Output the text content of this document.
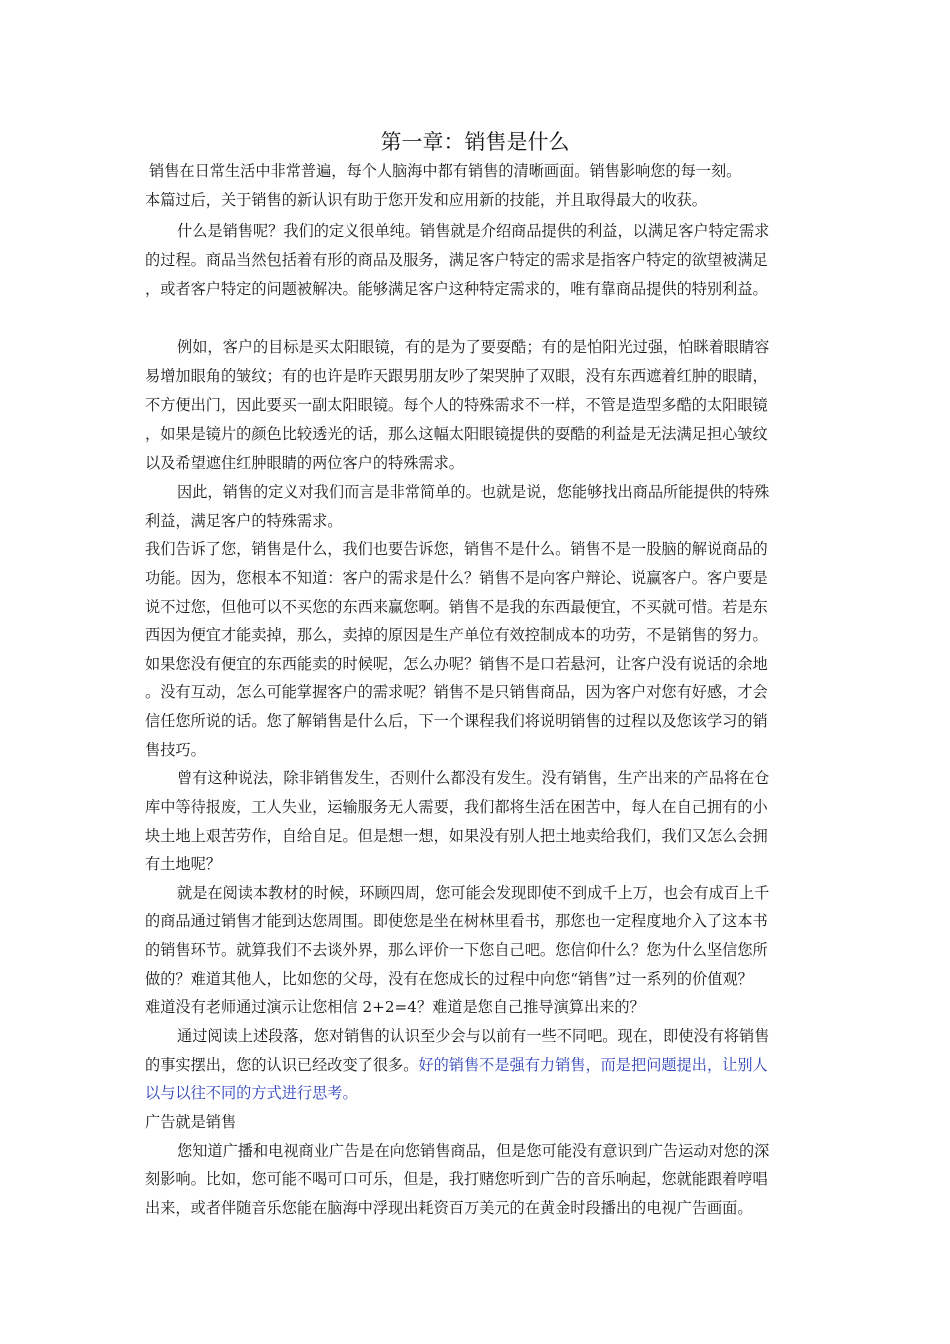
第一章：销售是什么
销售在日常生活中非常普遍，每个人脑海中都有销售的清晰画面。销售影响您的每一刻。
本篇过后，关于销售的新认识有助于您开发和应用新的技能，并且取得最大的收获。
什么是销售呢？我们的定义很单纯。销售就是介绍商品提供的利益，以满足客户特定需求
的过程。商品当然包括着有形的商品及服务，满足客户特定的需求是指客户特定的欲望被满足
，或者客户特定的问题被解决。能够满足客户这种特定需求的，唯有靠商品提供的特别利益。
例如，客户的目标是买太阳眼镜，有的是为了要耍酷；有的是怕阳光过强，怕眯着眼睛容
易增加眼角的皱纹；有的也许是昨天跟男朋友吵了架哭肿了双眼，没有东西遮着红肿的眼睛，
不方便出门，因此要买一副太阳眼镜。每个人的特殊需求不一样，不管是造型多酷的太阳眼镜
，如果是镜片的颜色比较透光的话，那么这幅太阳眼镜提供的耍酷的利益是无法满足担心皱纹
以及希望遮住红肿眼睛的两位客户的特殊需求。
因此，销售的定义对我们而言是非常简单的。也就是说，您能够找出商品所能提供的特殊
利益，满足客户的特殊需求。
我们告诉了您，销售是什么，我们也要告诉您，销售不是什么。销售不是一股脑的解说商品的
功能。因为，您根本不知道：客户的需求是什么？销售不是向客户辩论、说赢客户。客户要是
说不过您，但他可以不买您的东西来赢您啊。销售不是我的东西最便宜，不买就可惜。若是东
西因为便宜才能卖掉，那么，卖掉的原因是生产单位有效控制成本的功劳，不是销售的努力。
如果您没有便宜的东西能卖的时候呢，怎么办呢？销售不是口若悬河，让客户没有说话的余地
。没有互动，怎么可能掌握客户的需求呢？销售不是只销售商品，因为客户对您有好感，才会
信任您所说的话。您了解销售是什么后，下一个课程我们将说明销售的过程以及您该学习的销
售技巧。
曾有这种说法，除非销售发生，否则什么都没有发生。没有销售，生产出来的产品将在仓
库中等待报废，工人失业，运输服务无人需要，我们都将生活在困苦中，每人在自己拥有的小
块土地上艰苦劳作，自给自足。但是想一想，如果没有别人把土地卖给我们，我们又怎么会拥
有土地呢？
就是在阅读本教材的时候，环顾四周，您可能会发现即使不到成千上万，也会有成百上千
的商品通过销售才能到达您周围。即使您是坐在树林里看书，那您也一定程度地介入了这本书
的销售环节。就算我们不去谈外界，那么评价一下您自己吧。您信仰什么？您为什么坚信您所
做的？难道其他人，比如您的父母，没有在您成长的过程中向您“销售”过一系列的价值观？
难道没有老师通过演示让您相信 2+2=4？难道是您自己推导演算出来的？
通过阅读上述段落，您对销售的认识至少会与以前有一些不同吧。现在，即使没有将销售
的事实摆出，您的认识已经改变了很多。好的销售不是强有力销售，而是把问题提出，让别人
以与以往不同的方式进行思考。
广告就是销售
您知道广播和电视商业广告是在向您销售商品，但是您可能没有意识到广告运动对您的深
刻影响。比如，您可能不喝可口可乐，但是，我打赌您听到广告的音乐响起，您就能跟着哼唱
出来，或者伴随音乐您能在脑海中浮现出耗资百万美元的在黄金时段播出的电视广告画面。
